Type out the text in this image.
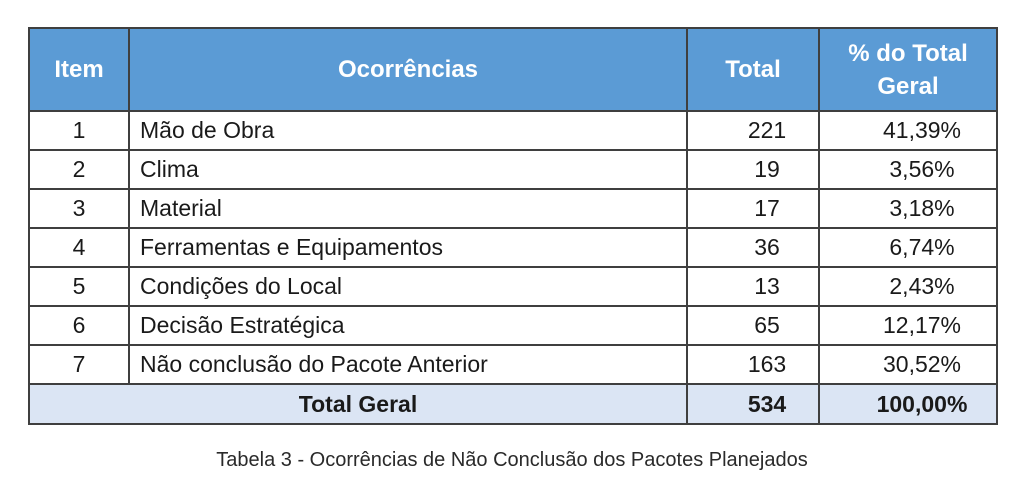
Item	Ocorrências	Total	% do Total Geral
1	Mão de Obra	221	41,39%
2	Clima	19	3,56%
3	Material	17	3,18%
4	Ferramentas e Equipamentos	36	6,74%
5	Condições do Local	13	2,43%
6	Decisão Estratégica	65	12,17%
7	Não conclusão do Pacote Anterior	163	30,52%
Total Geral		534	100,00%
Tabela 3 - Ocorrências de Não Conclusão dos Pacotes Planejados
